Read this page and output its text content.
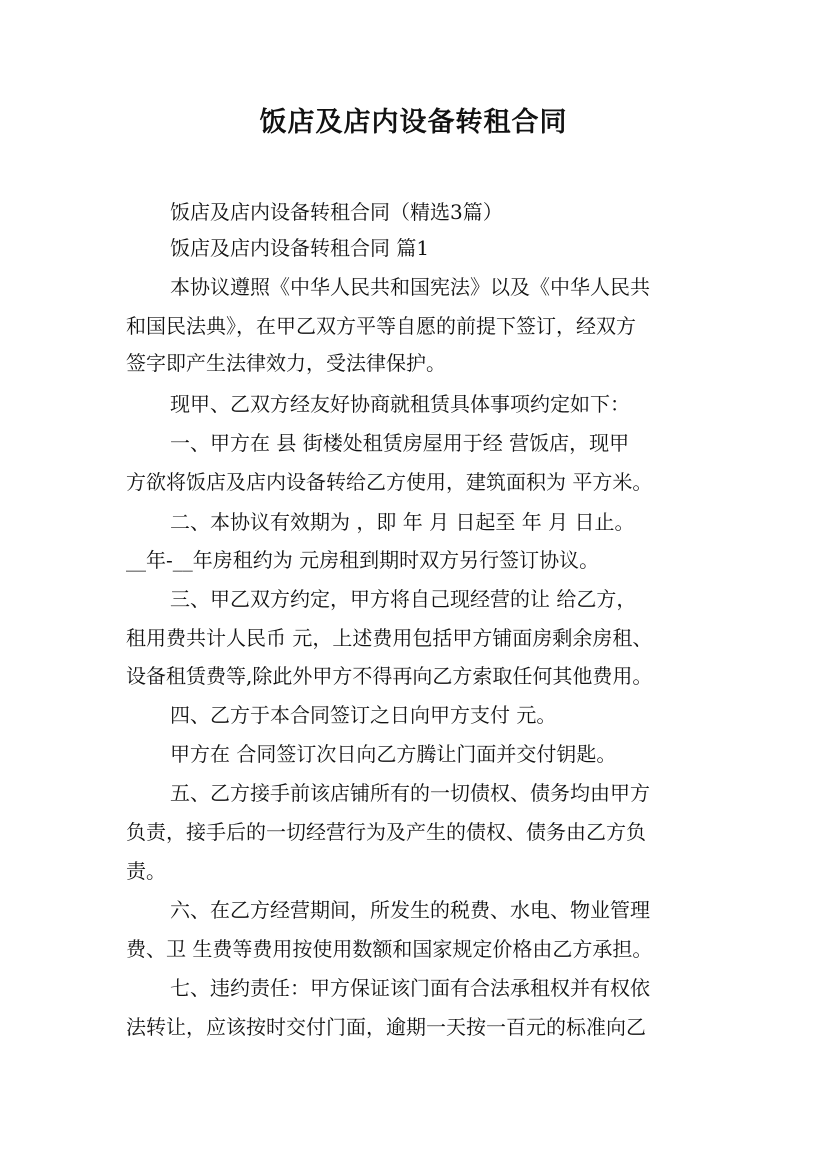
饭店及店内设备转租合同

饭店及店内设备转租合同（精选3篇）

饭店及店内设备转租合同 篇1

本协议遵照《中华人民共和国宪法》以及《中华人民共

和国民法典》，在甲乙双方平等自愿的前提下签订，经双方

签字即产生法律效力，受法律保护。

现甲、乙双方经友好协商就租赁具体事项约定如下：

一、甲方在 县 街楼处租赁房屋用于经 营饭店，现甲

方欲将饭店及店内设备转给乙方使用，建筑面积为 平方米。

二、本协议有效期为 ，即 年 月 日起至 年 月 日止。

__年-__年房租约为 元房租到期时双方另行签订协议。

三、甲乙双方约定，甲方将自己现经营的让 给乙方，

租用费共计人民币 元，上述费用包括甲方铺面房剩余房租、

设备租赁费等,除此外甲方不得再向乙方索取任何其他费用。

四、乙方于本合同签订之日向甲方支付 元。

甲方在 合同签订次日向乙方腾让门面并交付钥匙。

五、乙方接手前该店铺所有的一切债权、债务均由甲方

负责，接手后的一切经营行为及产生的债权、债务由乙方负

责。

六、在乙方经营期间，所发生的税费、水电、物业管理

费、卫 生费等费用按使用数额和国家规定价格由乙方承担。

七、违约责任：甲方保证该门面有合法承租权并有权依

法转让，应该按时交付门面，逾期一天按一百元的标准向乙
